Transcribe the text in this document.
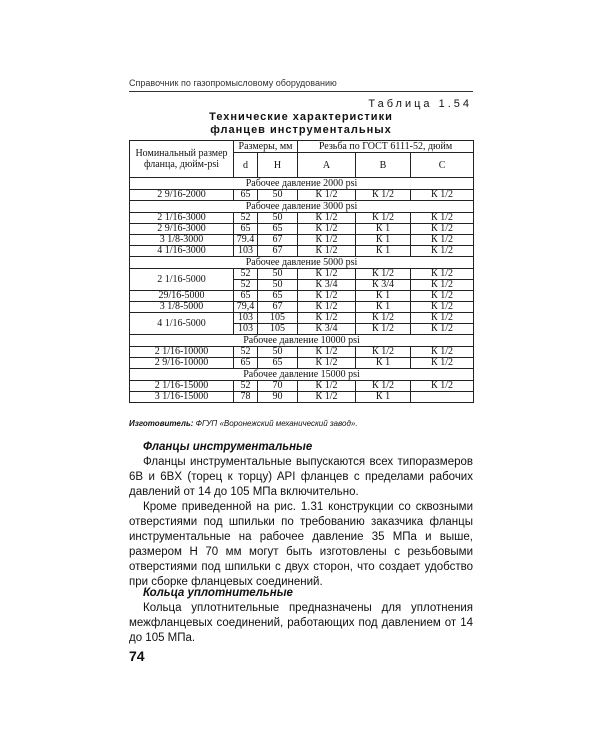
Справочник по газопромысловому оборудованию
Таблица 1.54
Технические характеристики
фланцев инструментальных
Номинальный размер фланца, дюйм-psi	Размеры, мм		Резьба по ГОСТ 6111-52, дюйм		
	d	H	A	B	C
Рабочее давление 2000 psi					
2 9/16-2000	65	50	К 1/2	К 1/2	К 1/2
Рабочее давление 3000 psi					
2 1/16-3000	52	50	К 1/2	К 1/2	К 1/2
2 9/16-3000	65	65	К 1/2	К 1	К 1/2
3 1/8-3000	79.4	67	К 1/2	К 1	К 1/2
4 1/16-3000	103	67	К 1/2	К 1	К 1/2
Рабочее давление 5000 psi					
2 1/16-5000	52	50	К 1/2	К 1/2	К 1/2
	52	50	К 3/4	К 3/4	К 1/2
29/16-5000	65	65	К 1/2	К 1	К 1/2
3 1/8-5000	79,4	67	К 1/2	К 1	К 1/2
4 1/16-5000	103	105	К 1/2	К 1/2	К 1/2
	103	105	К 3/4	К 1/2	К 1/2
Рабочее давление 10000 psi					
2 1/16-10000	52	50	К 1/2	К 1/2	К 1/2
2 9/16-10000	65	65	К 1/2	К 1	К 1/2
Рабочее давление 15000 psi					
2 1/16-15000	52	70	К 1/2	К 1/2	К 1/2
3 1/16-15000	78	90	К 1/2	К 1	
Изготовитель: ФГУП «Воронежский механический завод».

Фланцы инструментальные

Фланцы инструментальные выпускаются всех типоразмеров 6B и 6BX (торец к торцу) API фланцев с пределами рабочих давлений от 14 до 105 МПа включительно.

Кроме приведенной на рис. 1.31 конструкции со сквозными отверстиями под шпильки по требованию заказчика фланцы инструментальные на рабочее давление 35 МПа и выше, размером H 70 мм могут быть изготовлены с резьбовыми отверстиями под шпильки с двух сторон, что создает удобство при сборке фланцевых соединений.

Кольца уплотнительные

Кольца уплотнительные предназначены для уплотнения межфланцевых соединений, работающих под давлением от 14 до 105 МПа.

74
